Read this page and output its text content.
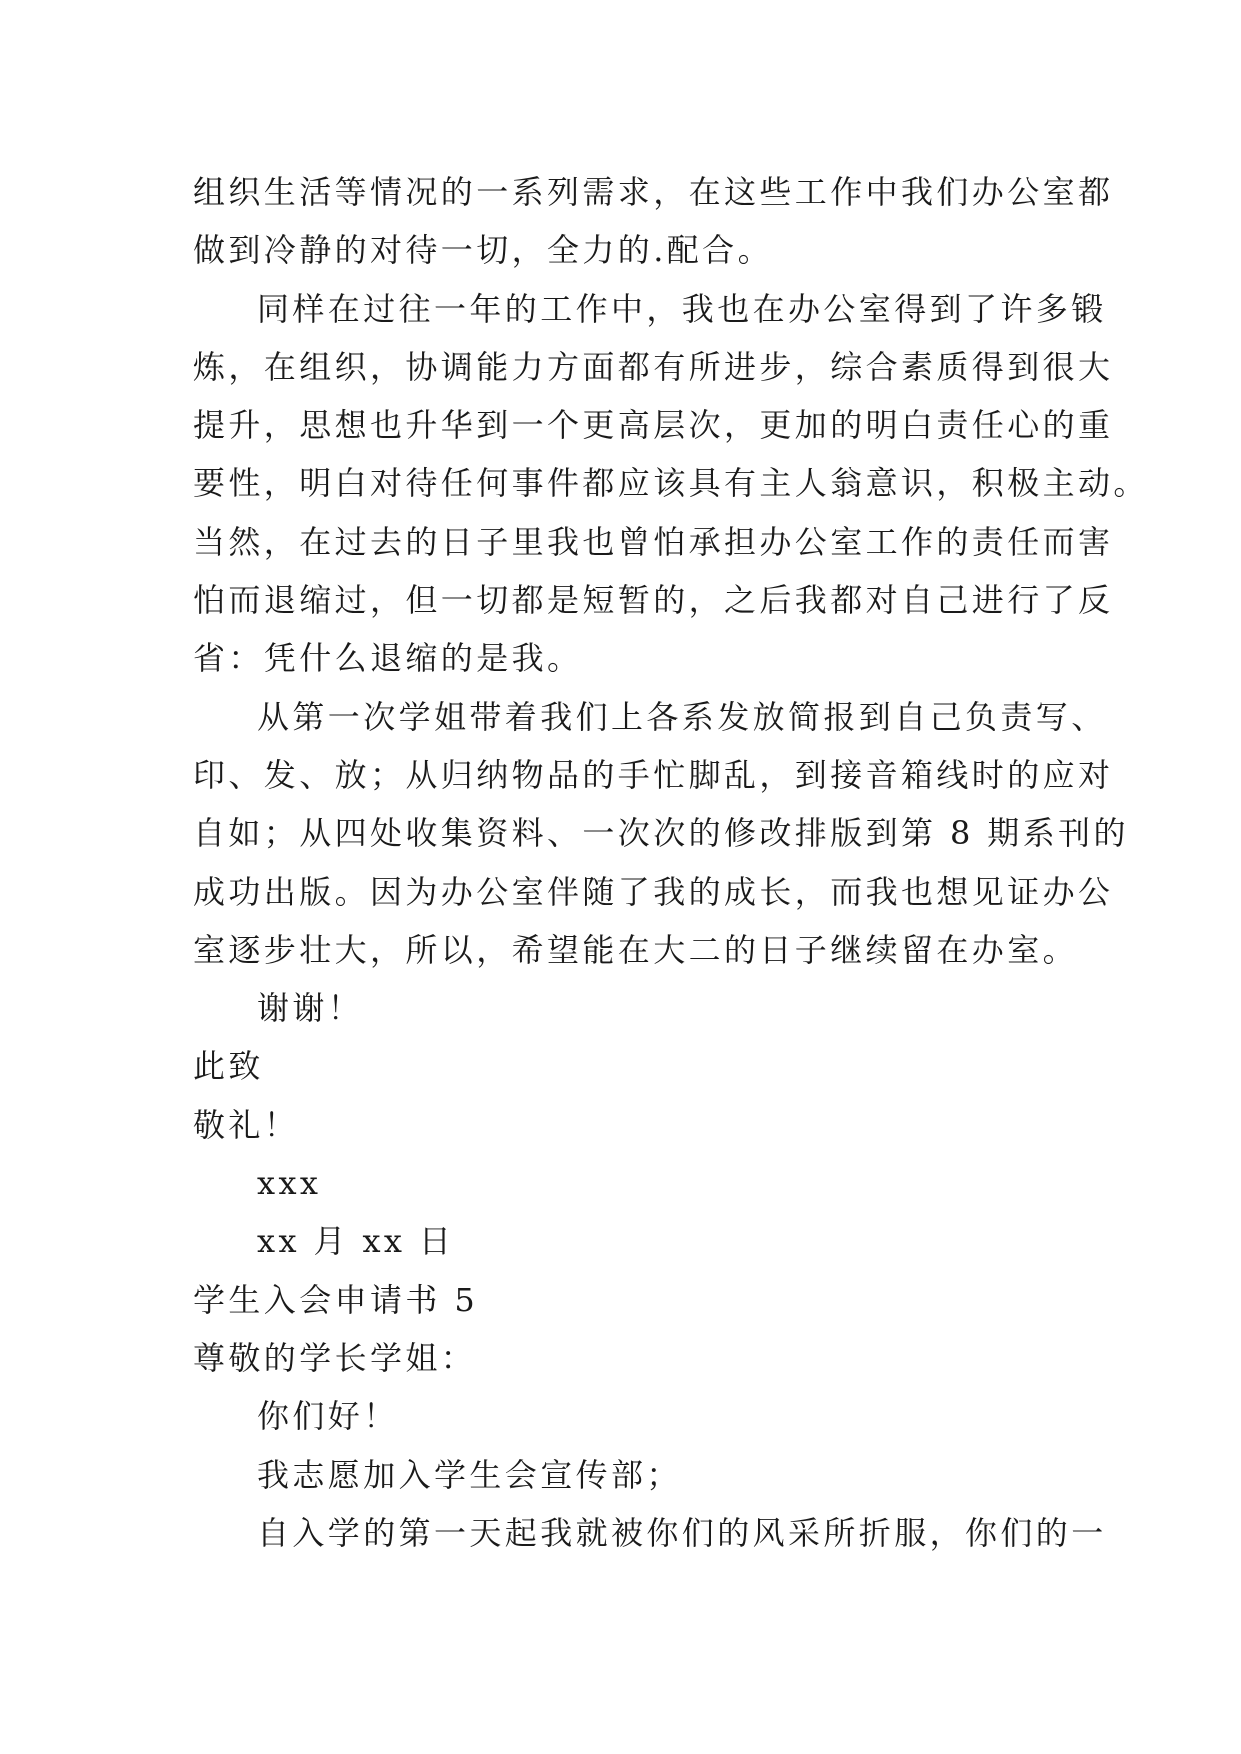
组织生活等情况的一系列需求，在这些工作中我们办公室都
做到冷静的对待一切，全力的.配合。
同样在过往一年的工作中，我也在办公室得到了许多锻
炼，在组织，协调能力方面都有所进步，综合素质得到很大
提升，思想也升华到一个更高层次，更加的明白责任心的重
要性，明白对待任何事件都应该具有主人翁意识，积极主动。
当然，在过去的日子里我也曾怕承担办公室工作的责任而害
怕而退缩过，但一切都是短暂的，之后我都对自己进行了反
省：凭什么退缩的是我。
从第一次学姐带着我们上各系发放简报到自己负责写、
印、发、放；从归纳物品的手忙脚乱，到接音箱线时的应对
自如；从四处收集资料、一次次的修改排版到第 8 期系刊的
成功出版。因为办公室伴随了我的成长，而我也想见证办公
室逐步壮大，所以，希望能在大二的日子继续留在办室。
谢谢！
此致
敬礼！
xxx
xx 月 xx 日
学生入会申请书 5
尊敬的学长学姐：
你们好！
我志愿加入学生会宣传部；
自入学的第一天起我就被你们的风采所折服，你们的一
